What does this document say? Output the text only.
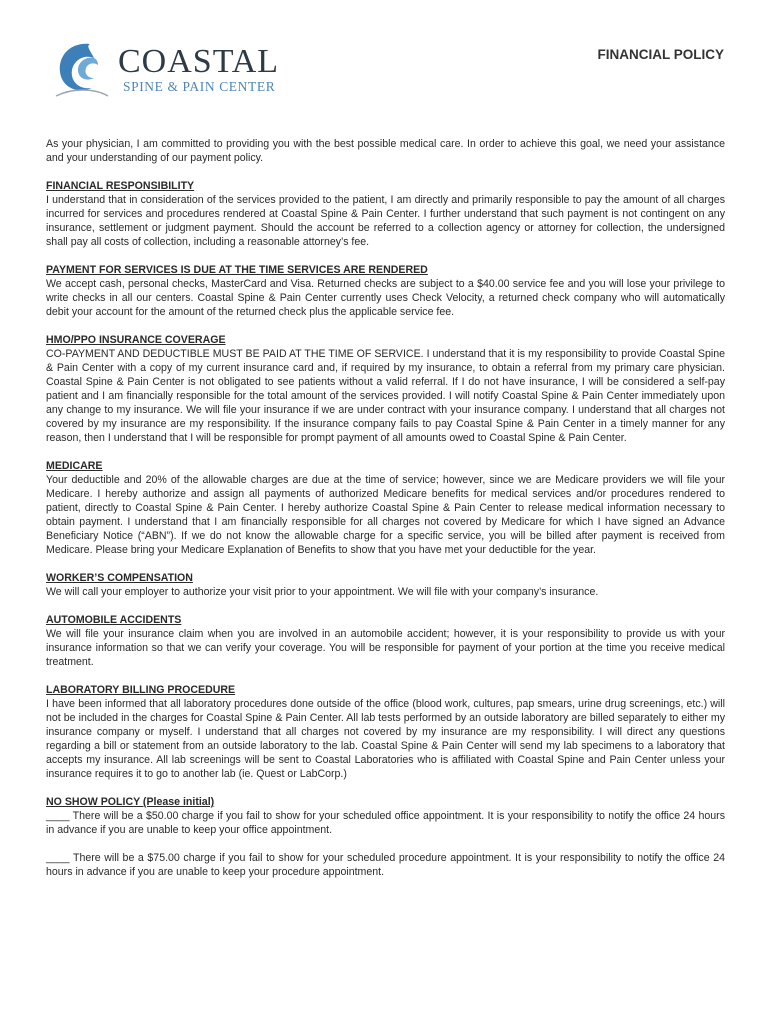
COASTAL
SPINE & PAIN CENTER
FINANCIAL POLICY

As your physician, I am committed to providing you with the best possible medical care. In order to achieve this goal, we need your assistance and your understanding of our payment policy.

FINANCIAL RESPONSIBILITY

I understand that in consideration of the services provided to the patient, I am directly and primarily responsible to pay the amount of all charges incurred for services and procedures rendered at Coastal Spine & Pain Center. I further understand that such payment is not contingent on any insurance, settlement or judgment payment. Should the account be referred to a collection agency or attorney for collection, the undersigned shall pay all costs of collection, including a reasonable attorney’s fee.

PAYMENT FOR SERVICES IS DUE AT THE TIME SERVICES ARE RENDERED

We accept cash, personal checks, MasterCard and Visa. Returned checks are subject to a $40.00 service fee and you will lose your privilege to write checks in all our centers. Coastal Spine & Pain Center currently uses Check Velocity, a returned check company who will automatically debit your account for the amount of the returned check plus the applicable service fee.

HMO/PPO INSURANCE COVERAGE

CO-PAYMENT AND DEDUCTIBLE MUST BE PAID AT THE TIME OF SERVICE. I understand that it is my responsibility to provide Coastal Spine & Pain Center with a copy of my current insurance card and, if required by my insurance, to obtain a referral from my primary care physician. Coastal Spine & Pain Center is not obligated to see patients without a valid referral. If I do not have insurance, I will be considered a self-pay patient and I am financially responsible for the total amount of the services provided. I will notify Coastal Spine & Pain Center immediately upon any change to my insurance. We will file your insurance if we are under contract with your insurance company. I understand that all charges not covered by my insurance are my responsibility. If the insurance company fails to pay Coastal Spine & Pain Center in a timely manner for any reason, then I understand that I will be responsible for prompt payment of all amounts owed to Coastal Spine & Pain Center.

MEDICARE

Your deductible and 20% of the allowable charges are due at the time of service; however, since we are Medicare providers we will file your Medicare. I hereby authorize and assign all payments of authorized Medicare benefits for medical services and/or procedures rendered to patient, directly to Coastal Spine & Pain Center. I hereby authorize Coastal Spine & Pain Center to release medical information necessary to obtain payment. I understand that I am financially responsible for all charges not covered by Medicare for which I have signed an Advance Beneficiary Notice (“ABN”). If we do not know the allowable charge for a specific service, you will be billed after payment is received from Medicare. Please bring your Medicare Explanation of Benefits to show that you have met your deductible for the year.

WORKER’S COMPENSATION

We will call your employer to authorize your visit prior to your appointment. We will file with your company’s insurance.

AUTOMOBILE ACCIDENTS

We will file your insurance claim when you are involved in an automobile accident; however, it is your responsibility to provide us with your insurance information so that we can verify your coverage. You will be responsible for payment of your portion at the time you receive medical treatment.

LABORATORY BILLING PROCEDURE

I have been informed that all laboratory procedures done outside of the office (blood work, cultures, pap smears, urine drug screenings, etc.) will not be included in the charges for Coastal Spine & Pain Center. All lab tests performed by an outside laboratory are billed separately to either my insurance company or myself. I understand that all charges not covered by my insurance are my responsibility. I will direct any questions regarding a bill or statement from an outside laboratory to the lab. Coastal Spine & Pain Center will send my lab specimens to a laboratory that accepts my insurance. All lab screenings will be sent to Coastal Laboratories who is affiliated with Coastal Spine and Pain Center unless your insurance requires it to go to another lab (ie. Quest or LabCorp.)

NO SHOW POLICY (Please initial)

____ There will be a $50.00 charge if you fail to show for your scheduled office appointment. It is your responsibility to notify the office 24 hours in advance if you are unable to keep your office appointment.

____ There will be a $75.00 charge if you fail to show for your scheduled procedure appointment. It is your responsibility to notify the office 24 hours in advance if you are unable to keep your procedure appointment.
